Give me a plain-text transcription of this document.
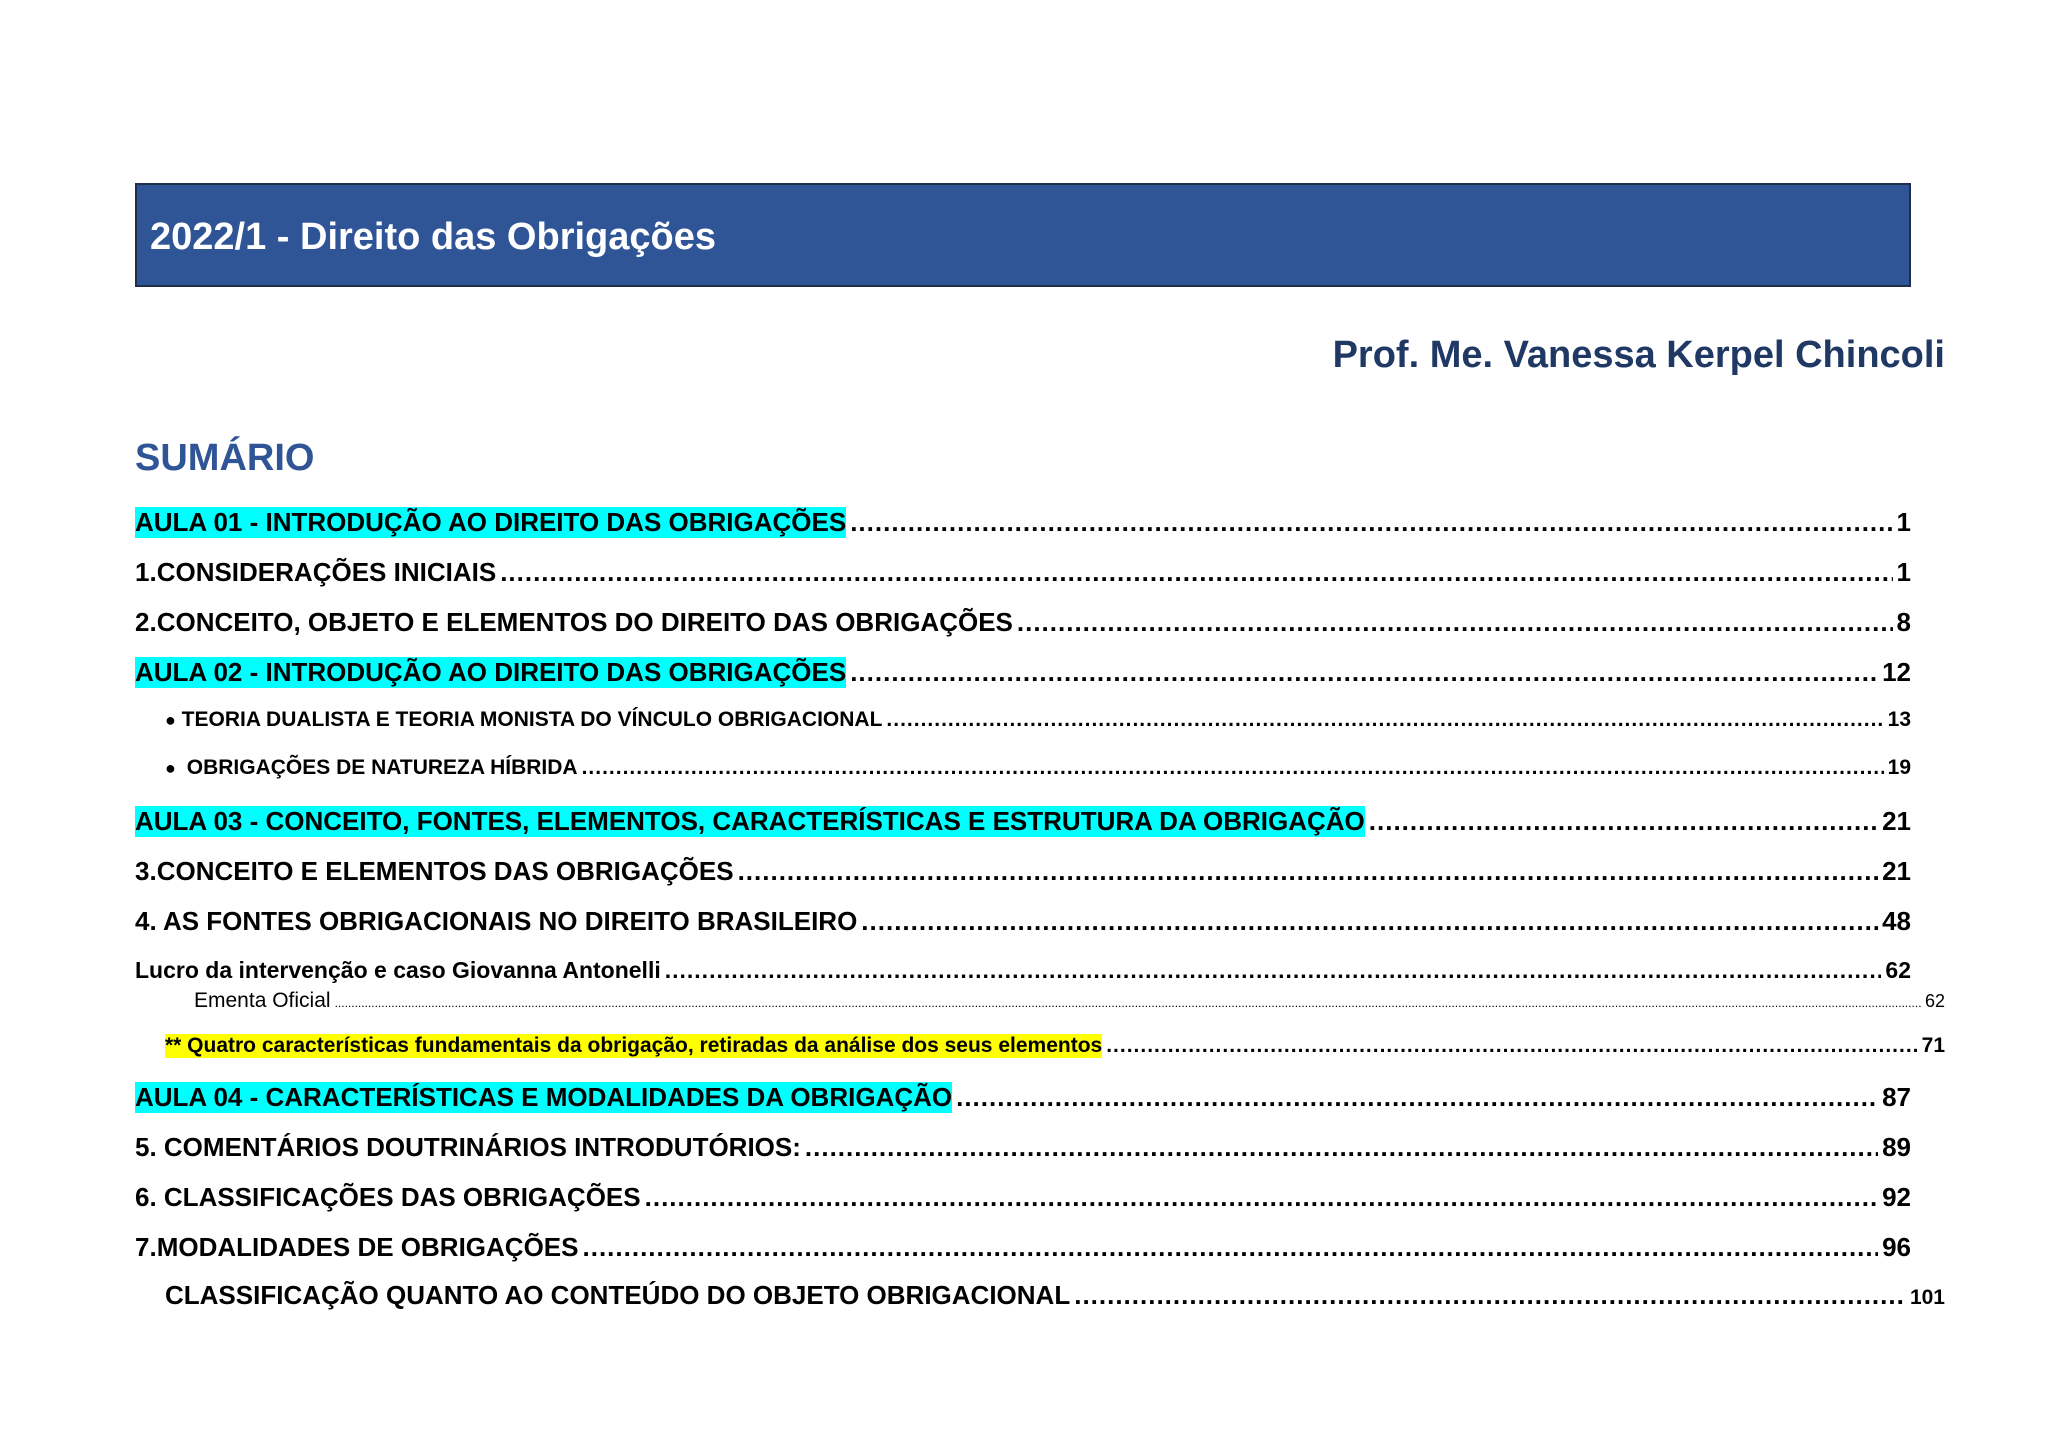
2022/1 - Direito das Obrigações
Prof. Me. Vanessa Kerpel Chincoli
SUMÁRIO
AULA 01 - INTRODUÇÃO AO DIREITO DAS OBRIGAÇÕES .....	1
1. CONSIDERAÇÕES INICIAIS .....	1
2. CONCEITO, OBJETO E ELEMENTOS DO DIREITO DAS OBRIGAÇÕES .....	8
AULA 02 - INTRODUÇÃO AO DIREITO DAS OBRIGAÇÕES .....	12
● TEORIA DUALISTA E TEORIA MONISTA DO VÍNCULO OBRIGACIONAL .....	13
● OBRIGAÇÕES DE NATUREZA HÍBRIDA .....	19
AULA 03 - CONCEITO, FONTES, ELEMENTOS, CARACTERÍSTICAS E ESTRUTURA DA OBRIGAÇÃO .....	21
3. CONCEITO E ELEMENTOS DAS OBRIGAÇÕES .....	21
4. AS FONTES OBRIGACIONAIS NO DIREITO BRASILEIRO .....	48
Lucro da intervenção e caso Giovanna Antonelli .....	62
Ementa Oficial .....	62
** Quatro características fundamentais da obrigação, retiradas da análise dos seus elementos .....	71
AULA 04 - CARACTERÍSTICAS E MODALIDADES DA OBRIGAÇÃO .....	87
5. COMENTÁRIOS DOUTRINÁRIOS INTRODUTÓRIOS: .....	89
6. CLASSIFICAÇÕES DAS OBRIGAÇÕES .....	92
7. MODALIDADES DE OBRIGAÇÕES .....	96
CLASSIFICAÇÃO QUANTO AO CONTEÚDO DO OBJETO OBRIGACIONAL .....	101
